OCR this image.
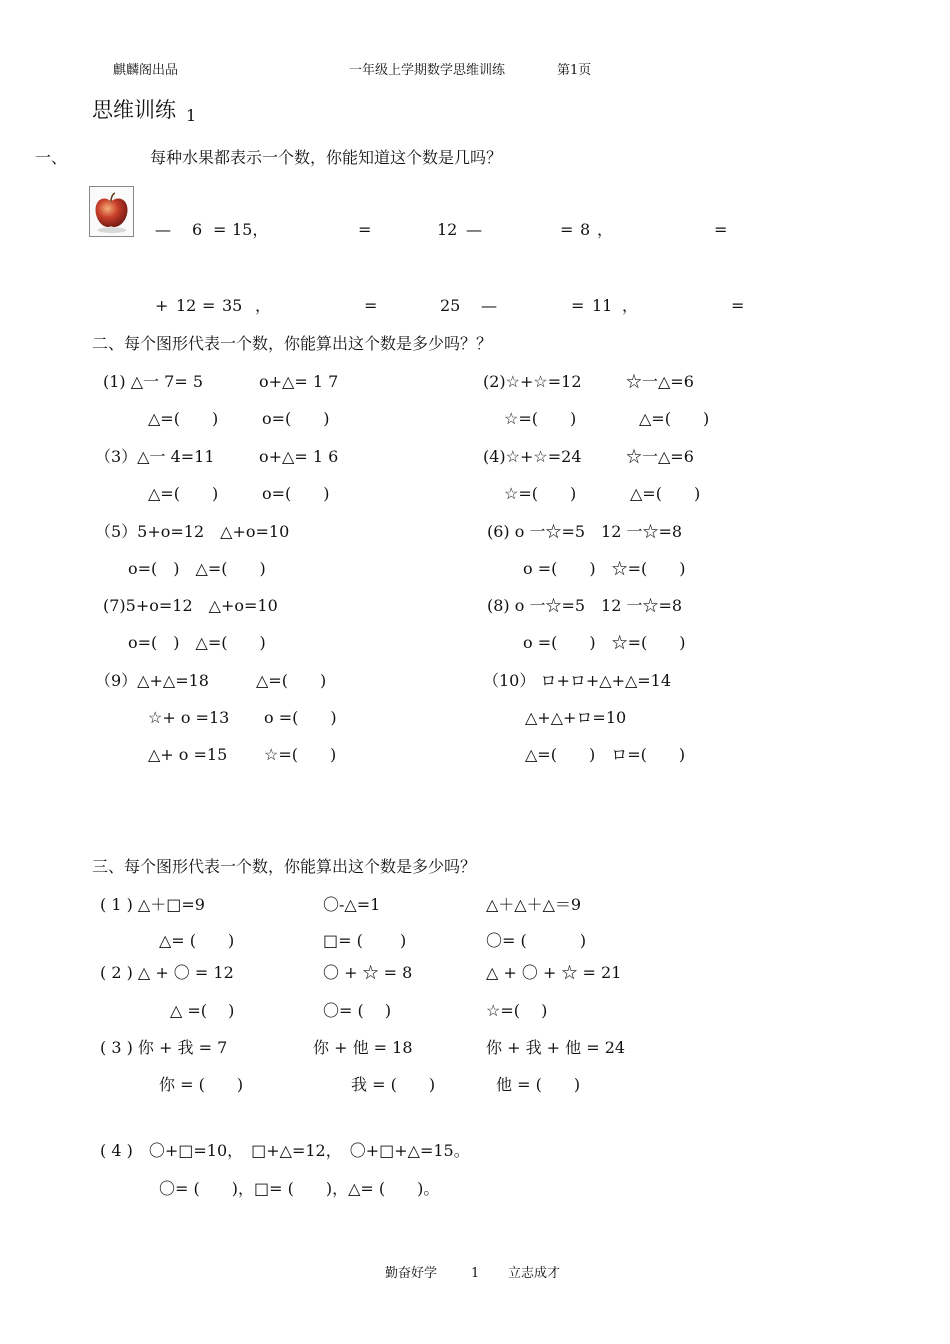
麒麟阁出品	一年级上学期数学思维训练	第1页
思维训练 1
一、	每种水果都表示一个数，你能知道这个数是几吗？
— 6 = 15，	=	12 —	= 8 ，	=
+ 12 = 35 ，	=	25 —	= 11 ，	=
二、每个图形代表一个数，你能算出这个数是多少吗？？
(1) △一 7= 5	o+△= 1 7	(2)☆+☆=12	☆一△=6
△=(　　)	o=(　　)	☆=(　　)	△=(　　)
（3）△一 4=11	o+△= 1 6	(4)☆+☆=24	☆一△=6
△=(　　)	o=(　　)	☆=(　　)	△=(　　)
（5）5+o=12　△+o=10	(6) o 一☆=5　12 一☆=8
o=(　)　△=(　　)	o =(　　)　☆=(　　)
(7)5+o=12　△+o=10	(8) o 一☆=5　12 一☆=8
o=(　)　△=(　　)	o =(　　)　☆=(　　)
（9）△+△=18	△=(　　)	（10） ロ+ロ+△+△=14
☆+ o =13 o =(　　)	△+△+ロ=10
△+ o =15 ☆=(　　)	△=(　　)　ロ=(　　)
三、每个图形代表一个数，你能算出这个数是多少吗？
( 1 ) △＋□=9	〇-△=1	△＋△＋△＝9
△= (　　)	□= (　　 )	〇= (　　　 )
( 2 ) △ + 〇 = 12	〇 + ☆ = 8	△ + 〇 + ☆ = 21
△ =(　 )	〇= (　 )	☆=(　 )
( 3 ) 你 + 我 = 7	你 + 他 = 18	你 + 我 + 他 = 24
你 = (　　)	我 = (　　)	他 = (　　)
( 4 )　〇+□=10，　□+△=12，　〇+□+△=15。
〇= (　　)，□= (　　)，△= (　　)。
勤奋好学	1 立志成才
